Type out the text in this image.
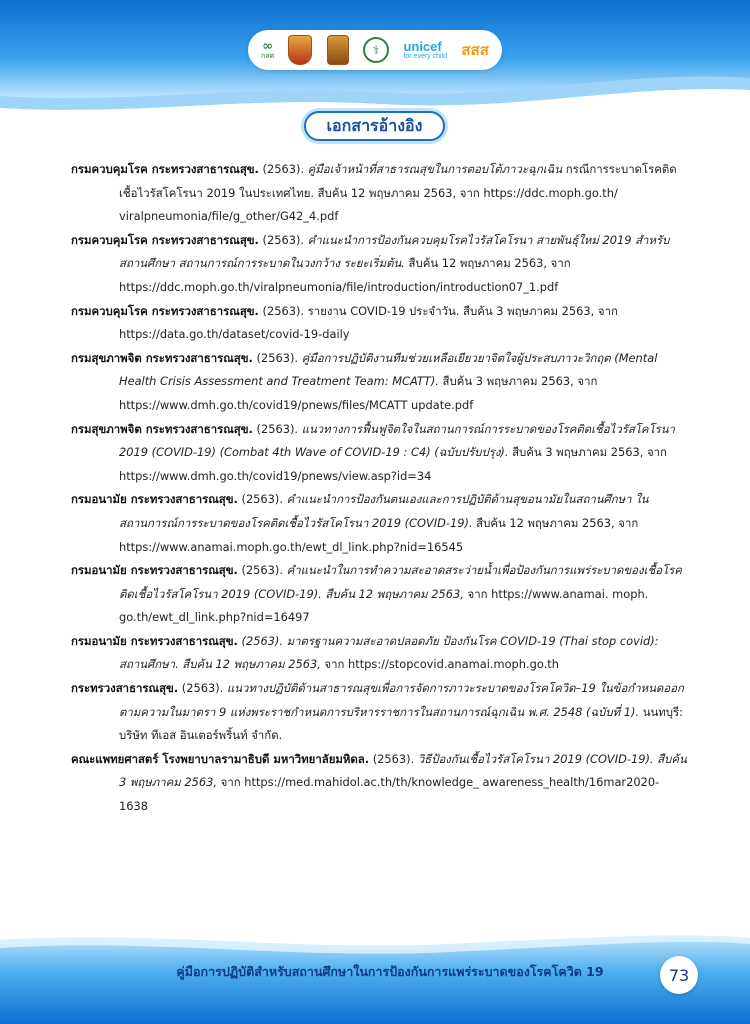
∞
กสศ	⚕	unicef
for every child สสส
เอกสารอ้างอิง
กรมควบคุมโรค กระทรวงสาธารณสุข. (2563). คู่มือเจ้าหน้าที่สาธารณสุขในการตอบโต้ภาวะฉุกเฉิน กรณีการระบาดโรคติดเชื้อไวรัสโคโรนา 2019 ในประเทศไทย. สืบค้น 12 พฤษภาคม 2563, จาก https://ddc.moph.go.th/ viralpneumonia/file/g_other/G42_4.pdf
กรมควบคุมโรค กระทรวงสาธารณสุข. (2563). คำแนะนำการป้องกันควบคุมโรคไวรัสโคโรนา สายพันธุ์ใหม่ 2019 สำหรับสถานศึกษา สถานการณ์การระบาดในวงกว้าง ระยะเริ่มต้น. สืบค้น 12 พฤษภาคม 2563, จาก https://ddc.moph.go.th/viralpneumonia/file/introduction/introduction07_1.pdf
กรมควบคุมโรค กระทรวงสาธารณสุข. (2563). รายงาน COVID-19 ประจำวัน. สืบค้น 3 พฤษภาคม 2563, จาก https://data.go.th/dataset/covid-19-daily
กรมสุขภาพจิต กระทรวงสาธารณสุข. (2563). คู่มือการปฏิบัติงานทีมช่วยเหลือเยียวยาจิตใจผู้ประสบภาวะวิกฤต (Mental Health Crisis Assessment and Treatment Team: MCATT). สืบค้น 3 พฤษภาคม 2563, จาก https://www.dmh.go.th/covid19/pnews/files/MCATT update.pdf
กรมสุขภาพจิต กระทรวงสาธารณสุข. (2563). แนวทางการฟื้นฟูจิตใจในสถานการณ์การระบาดของโรคติดเชื้อไวรัสโคโรนา 2019 (COVID-19) (Combat 4th Wave of COVID-19 : C4) (ฉบับปรับปรุง). สืบค้น 3 พฤษภาคม 2563, จาก https://www.dmh.go.th/covid19/pnews/view.asp?id=34
กรมอนามัย กระทรวงสาธารณสุข. (2563). คำแนะนำการป้องกันตนเองและการปฏิบัติด้านสุขอนามัยในสถานศึกษา ในสถานการณ์การระบาดของโรคติดเชื้อไวรัสโคโรนา 2019 (COVID-19). สืบค้น 12 พฤษภาคม 2563, จาก https://www.anamai.moph.go.th/ewt_dl_link.php?nid=16545
กรมอนามัย กระทรวงสาธารณสุข. (2563). คำแนะนำในการทำความสะอาดสระว่ายน้ำเพื่อป้องกันการแพร่ระบาดของเชื้อโรคติดเชื้อไวรัสโคโรนา 2019 (COVID-19). สืบค้น 12 พฤษภาคม 2563, จาก https://www.anamai. moph. go.th/ewt_dl_link.php?nid=16497
กรมอนามัย กระทรวงสาธารณสุข. (2563). มาตรฐานความสะอาดปลอดภัย ป้องกันโรค COVID-19 (Thai stop covid): สถานศึกษา. สืบค้น 12 พฤษภาคม 2563, จาก https://stopcovid.anamai.moph.go.th
กระทรวงสาธารณสุข. (2563). แนวทางปฏิบัติด้านสาธารณสุขเพื่อการจัดการภาวะระบาดของโรคโควิด–19 ในข้อกำหนดออกตามความในมาตรา 9 แห่งพระราชกำหนดการบริหารราชการในสถานการณ์ฉุกเฉิน พ.ศ. 2548 (ฉบับที่ 1). นนทบุรี: บริษัท ทีเอส อินเตอร์พริ้นท์ จำกัด.
คณะแพทยศาสตร์ โรงพยาบาลรามาธิบดี มหาวิทยาลัยมหิดล. (2563). วิธีป้องกันเชื้อไวรัสโคโรนา 2019 (COVID-19). สืบค้น 3 พฤษภาคม 2563, จาก https://med.mahidol.ac.th/th/knowledge_ awareness_health/16mar2020-1638
คู่มือการปฏิบัติสำหรับสถานศึกษาในการป้องกันการแพร่ระบาดของโรคโควิด 19	73
